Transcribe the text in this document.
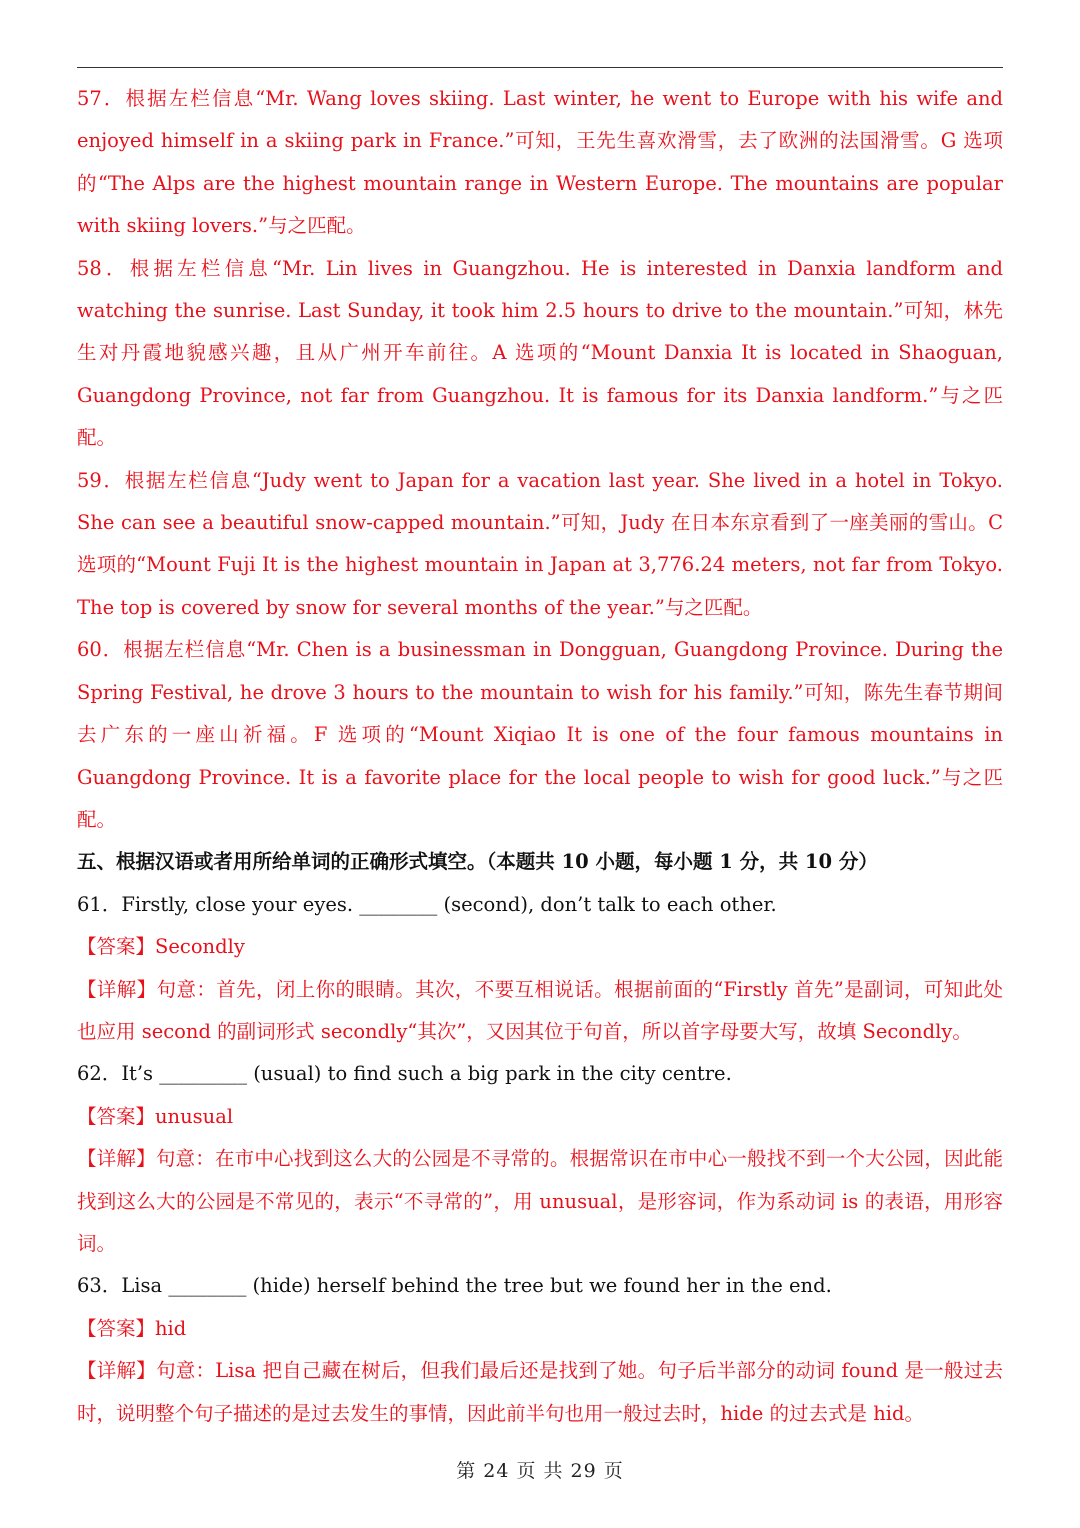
57．根据左栏信息“Mr. Wang loves skiing. Last winter, he went to Europe with his wife and enjoyed himself in a skiing park in France.”可知，王先生喜欢滑雪，去了欧洲的法国滑雪。G 选项的“The Alps are the highest mountain range in Western Europe. The mountains are popular with skiing lovers.”与之匹配。

58．根据左栏信息“Mr. Lin lives in Guangzhou. He is interested in Danxia landform and watching the sunrise. Last Sunday, it took him 2.5 hours to drive to the mountain.”可知，林先生对丹霞地貌感兴趣，且从广州开车前往。A 选项的“Mount Danxia It is located in Shaoguan, Guangdong Province, not far from Guangzhou. It is famous for its Danxia landform.”与之匹配。

59．根据左栏信息“Judy went to Japan for a vacation last year. She lived in a hotel in Tokyo. She can see a beautiful snow-capped mountain.”可知，Judy 在日本东京看到了一座美丽的雪山。C 选项的“Mount Fuji It is the highest mountain in Japan at 3,776.24 meters, not far from Tokyo. The top is covered by snow for several months of the year.”与之匹配。

60．根据左栏信息“Mr. Chen is a businessman in Dongguan, Guangdong Province. During the Spring Festival, he drove 3 hours to the mountain to wish for his family.”可知，陈先生春节期间去广东的一座山祈福。F 选项的“Mount Xiqiao It is one of the four famous mountains in Guangdong Province. It is a favorite place for the local people to wish for good luck.”与之匹配。

五、根据汉语或者用所给单词的正确形式填空。（本题共 10 小题，每小题 1 分，共 10 分）

61．Firstly, close your eyes. ________ (second), don’t talk to each other.

【答案】Secondly

【详解】句意：首先，闭上你的眼睛。其次，不要互相说话。根据前面的“Firstly 首先”是副词，可知此处也应用 second 的副词形式 secondly“其次”，又因其位于句首，所以首字母要大写，故填 Secondly。

62．It’s _________ (usual) to find such a big park in the city centre.

【答案】unusual

【详解】句意：在市中心找到这么大的公园是不寻常的。根据常识在市中心一般找不到一个大公园，因此能找到这么大的公园是不常见的，表示“不寻常的”，用 unusual，是形容词，作为系动词 is 的表语，用形容词。

63．Lisa ________ (hide) herself behind the tree but we found her in the end.

【答案】hid

【详解】句意：Lisa 把自己藏在树后，但我们最后还是找到了她。句子后半部分的动词 found 是一般过去时，说明整个句子描述的是过去发生的事情，因此前半句也用一般过去时，hide 的过去式是 hid。

第 24 页 共 29 页
